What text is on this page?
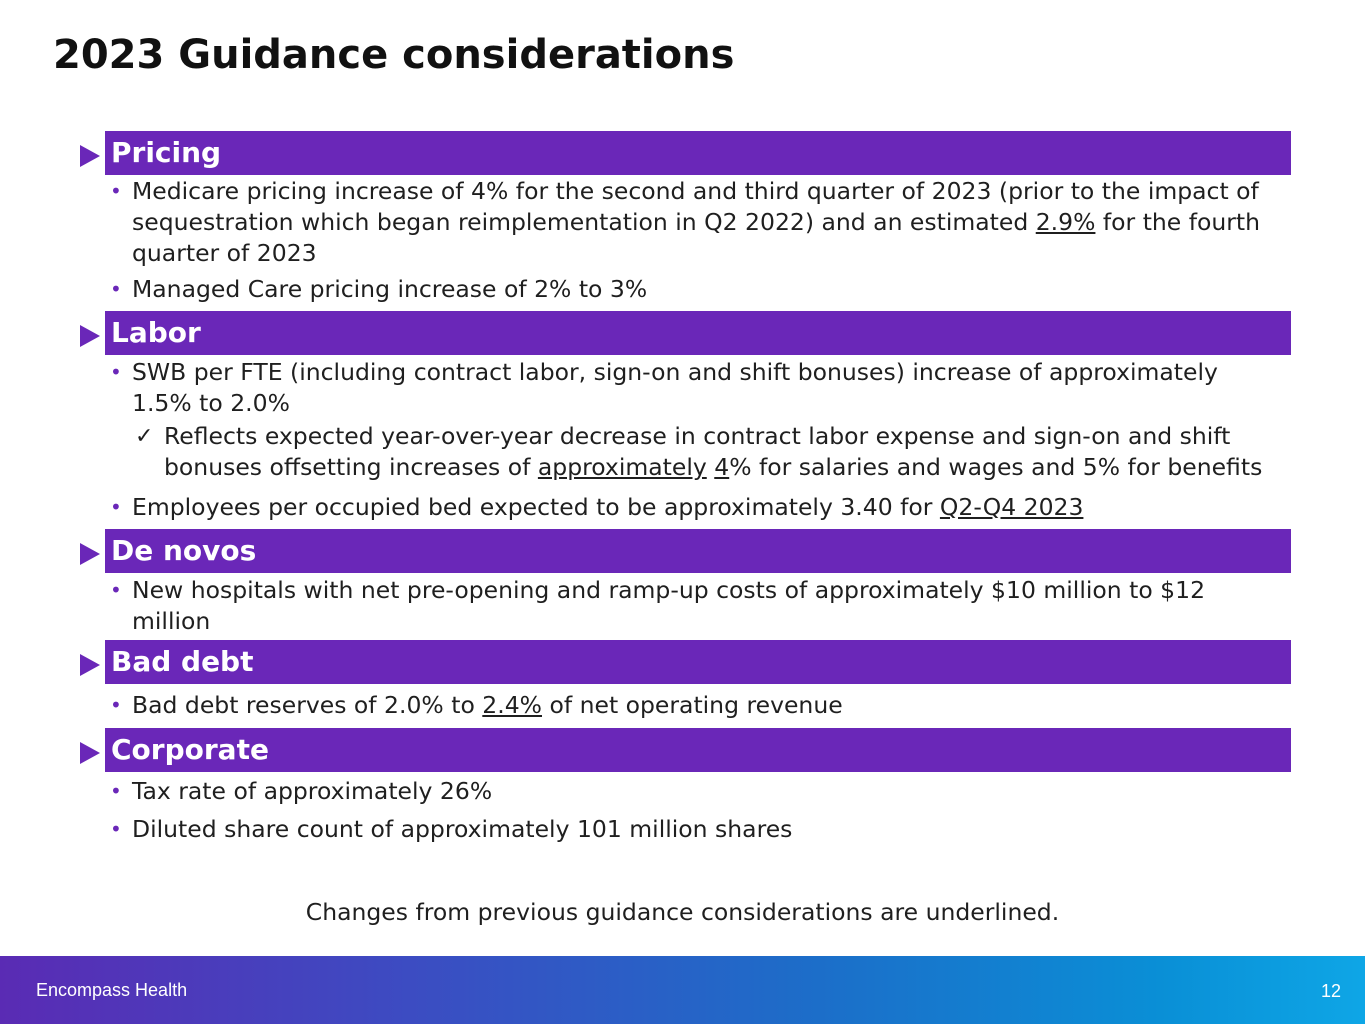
2023 Guidance considerations
Pricing
• Medicare pricing increase of 4% for the second and third quarter of 2023 (prior to the impact of sequestration which began reimplementation in Q2 2022) and an estimated 2.9% for the fourth quarter of 2023
• Managed Care pricing increase of 2% to 3%
Labor
• SWB per FTE (including contract labor, sign-on and shift bonuses) increase of approximately 1.5% to 2.0%
✓ Reflects expected year-over-year decrease in contract labor expense and sign-on and shift bonuses offsetting increases of approximately 4% for salaries and wages and 5% for benefits
• Employees per occupied bed expected to be approximately 3.40 for Q2-Q4 2023
De novos
• New hospitals with net pre-opening and ramp-up costs of approximately $10 million to $12 million
Bad debt
• Bad debt reserves of 2.0% to 2.4% of net operating revenue
Corporate
• Tax rate of approximately 26%
• Diluted share count of approximately 101 million shares
Changes from previous guidance considerations are underlined.
Encompass Health	12
